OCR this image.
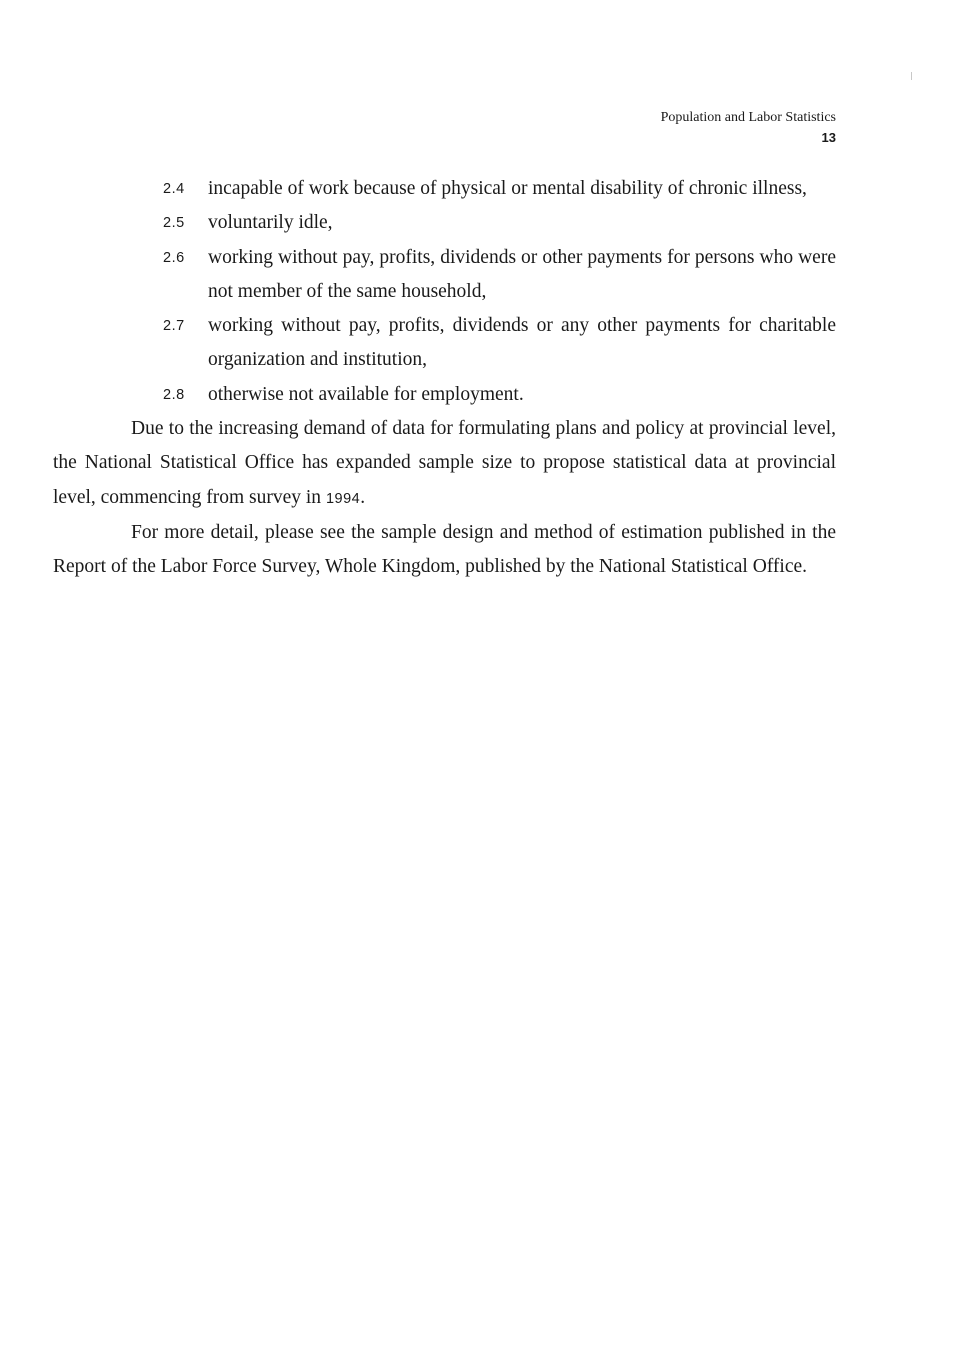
Population and Labor Statistics
13
2.4	incapable of work because of physical or mental disability of chronic illness,
2.5	voluntarily idle,
2.6	working without pay, profits, dividends or other payments for persons who were not member of the same household,
2.7	working without pay, profits, dividends or any other payments for charitable organization and institution,
2.8	otherwise not available for employment.

Due to the increasing demand of data for formulating plans and policy at provincial level, the National Statistical Office has expanded sample size to propose statistical data at provincial level, commencing from survey in 1994.

For more detail, please see the sample design and method of estimation published in the Report of the Labor Force Survey, Whole Kingdom, published by the National Statistical Office.
